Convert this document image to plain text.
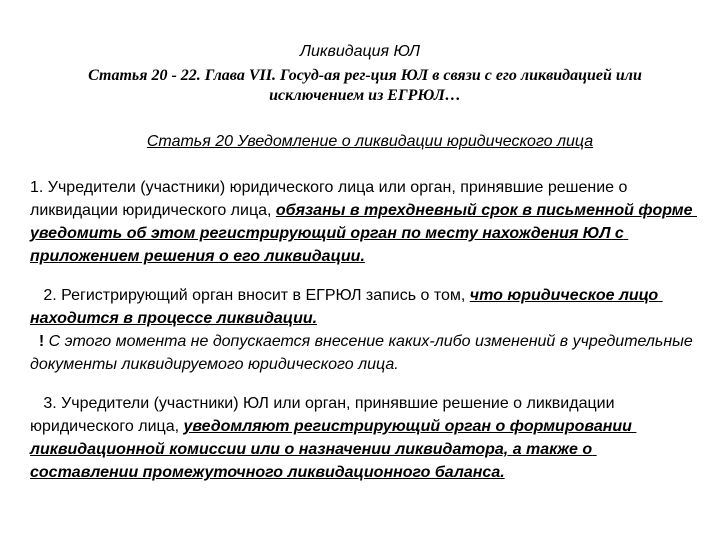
Ликвидация ЮЛ
Статья 20 - 22. Глава VII. Госуд-ая рег-ция ЮЛ в связи с его ликвидацией или исключением из ЕГРЮЛ…
Статья 20 Уведомление о ликвидации юридического лица
1. Учредители (участники) юридического лица или орган, принявшие решение о ликвидации юридического лица, обязаны в трехдневный срок в письменной форме уведомить об этом регистрирующий орган по месту нахождения ЮЛ с приложением решения о его ликвидации.
2. Регистрирующий орган вносит в ЕГРЮЛ запись о том, что юридическое лицо находится в процессе ликвидации.
! С этого момента не допускается внесение каких-либо изменений в учредительные документы ликвидируемого юридического лица.
3. Учредители (участники) ЮЛ или орган, принявшие решение о ликвидации юридического лица, уведомляют регистрирующий орган о формировании ликвидационной комиссии или о назначении ликвидатора, а также о составлении промежуточного ликвидационного баланса.
